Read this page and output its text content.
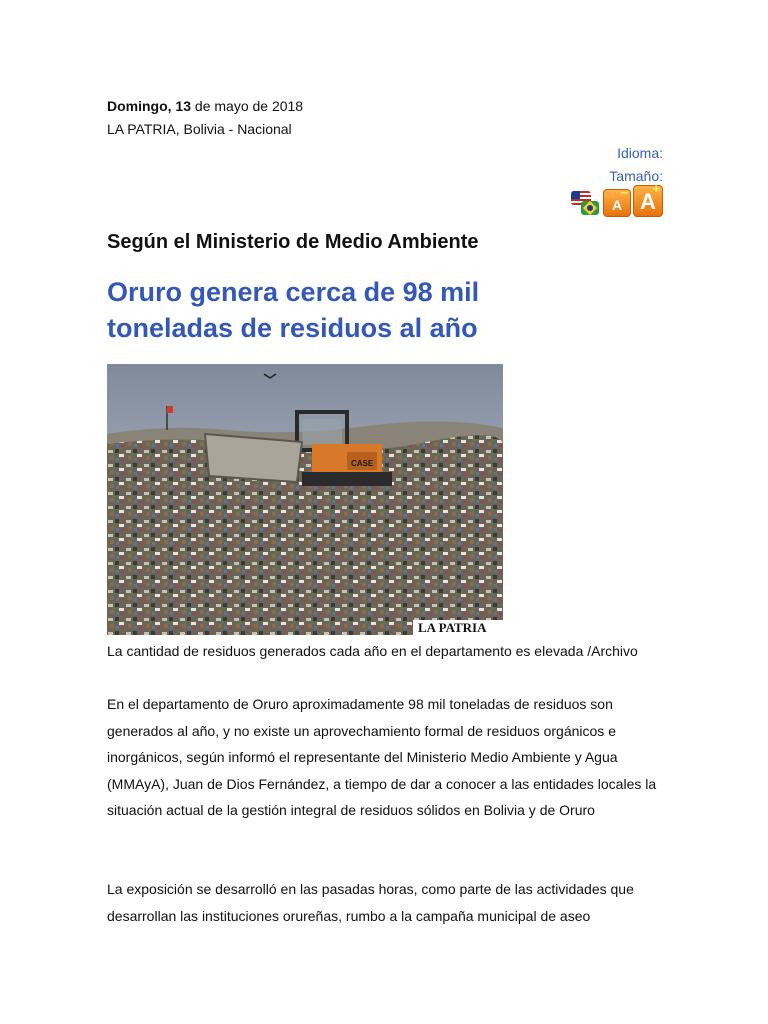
Domingo, 13 de mayo de 2018
LA PATRIA, Bolivia - Nacional
Idioma:
Tamaño:
A
− A
+
Según el Ministerio de Medio Ambiente
Oruro genera cerca de 98 mil toneladas de residuos al año
CASE
LA PATRIA

La cantidad de residuos generados cada año en el departamento es elevada /Archivo

En el departamento de Oruro aproximadamente 98 mil toneladas de residuos son generados al año, y no existe un aprovechamiento formal de residuos orgánicos e inorgánicos, según informó el representante del Ministerio Medio Ambiente y Agua (MMAyA), Juan de Dios Fernández, a tiempo de dar a conocer a las entidades locales la situación actual de la gestión integral de residuos sólidos en Bolivia y de Oruro

La exposición se desarrolló en las pasadas horas, como parte de las actividades que desarrollan las instituciones orureñas, rumbo a la campaña municipal de aseo
